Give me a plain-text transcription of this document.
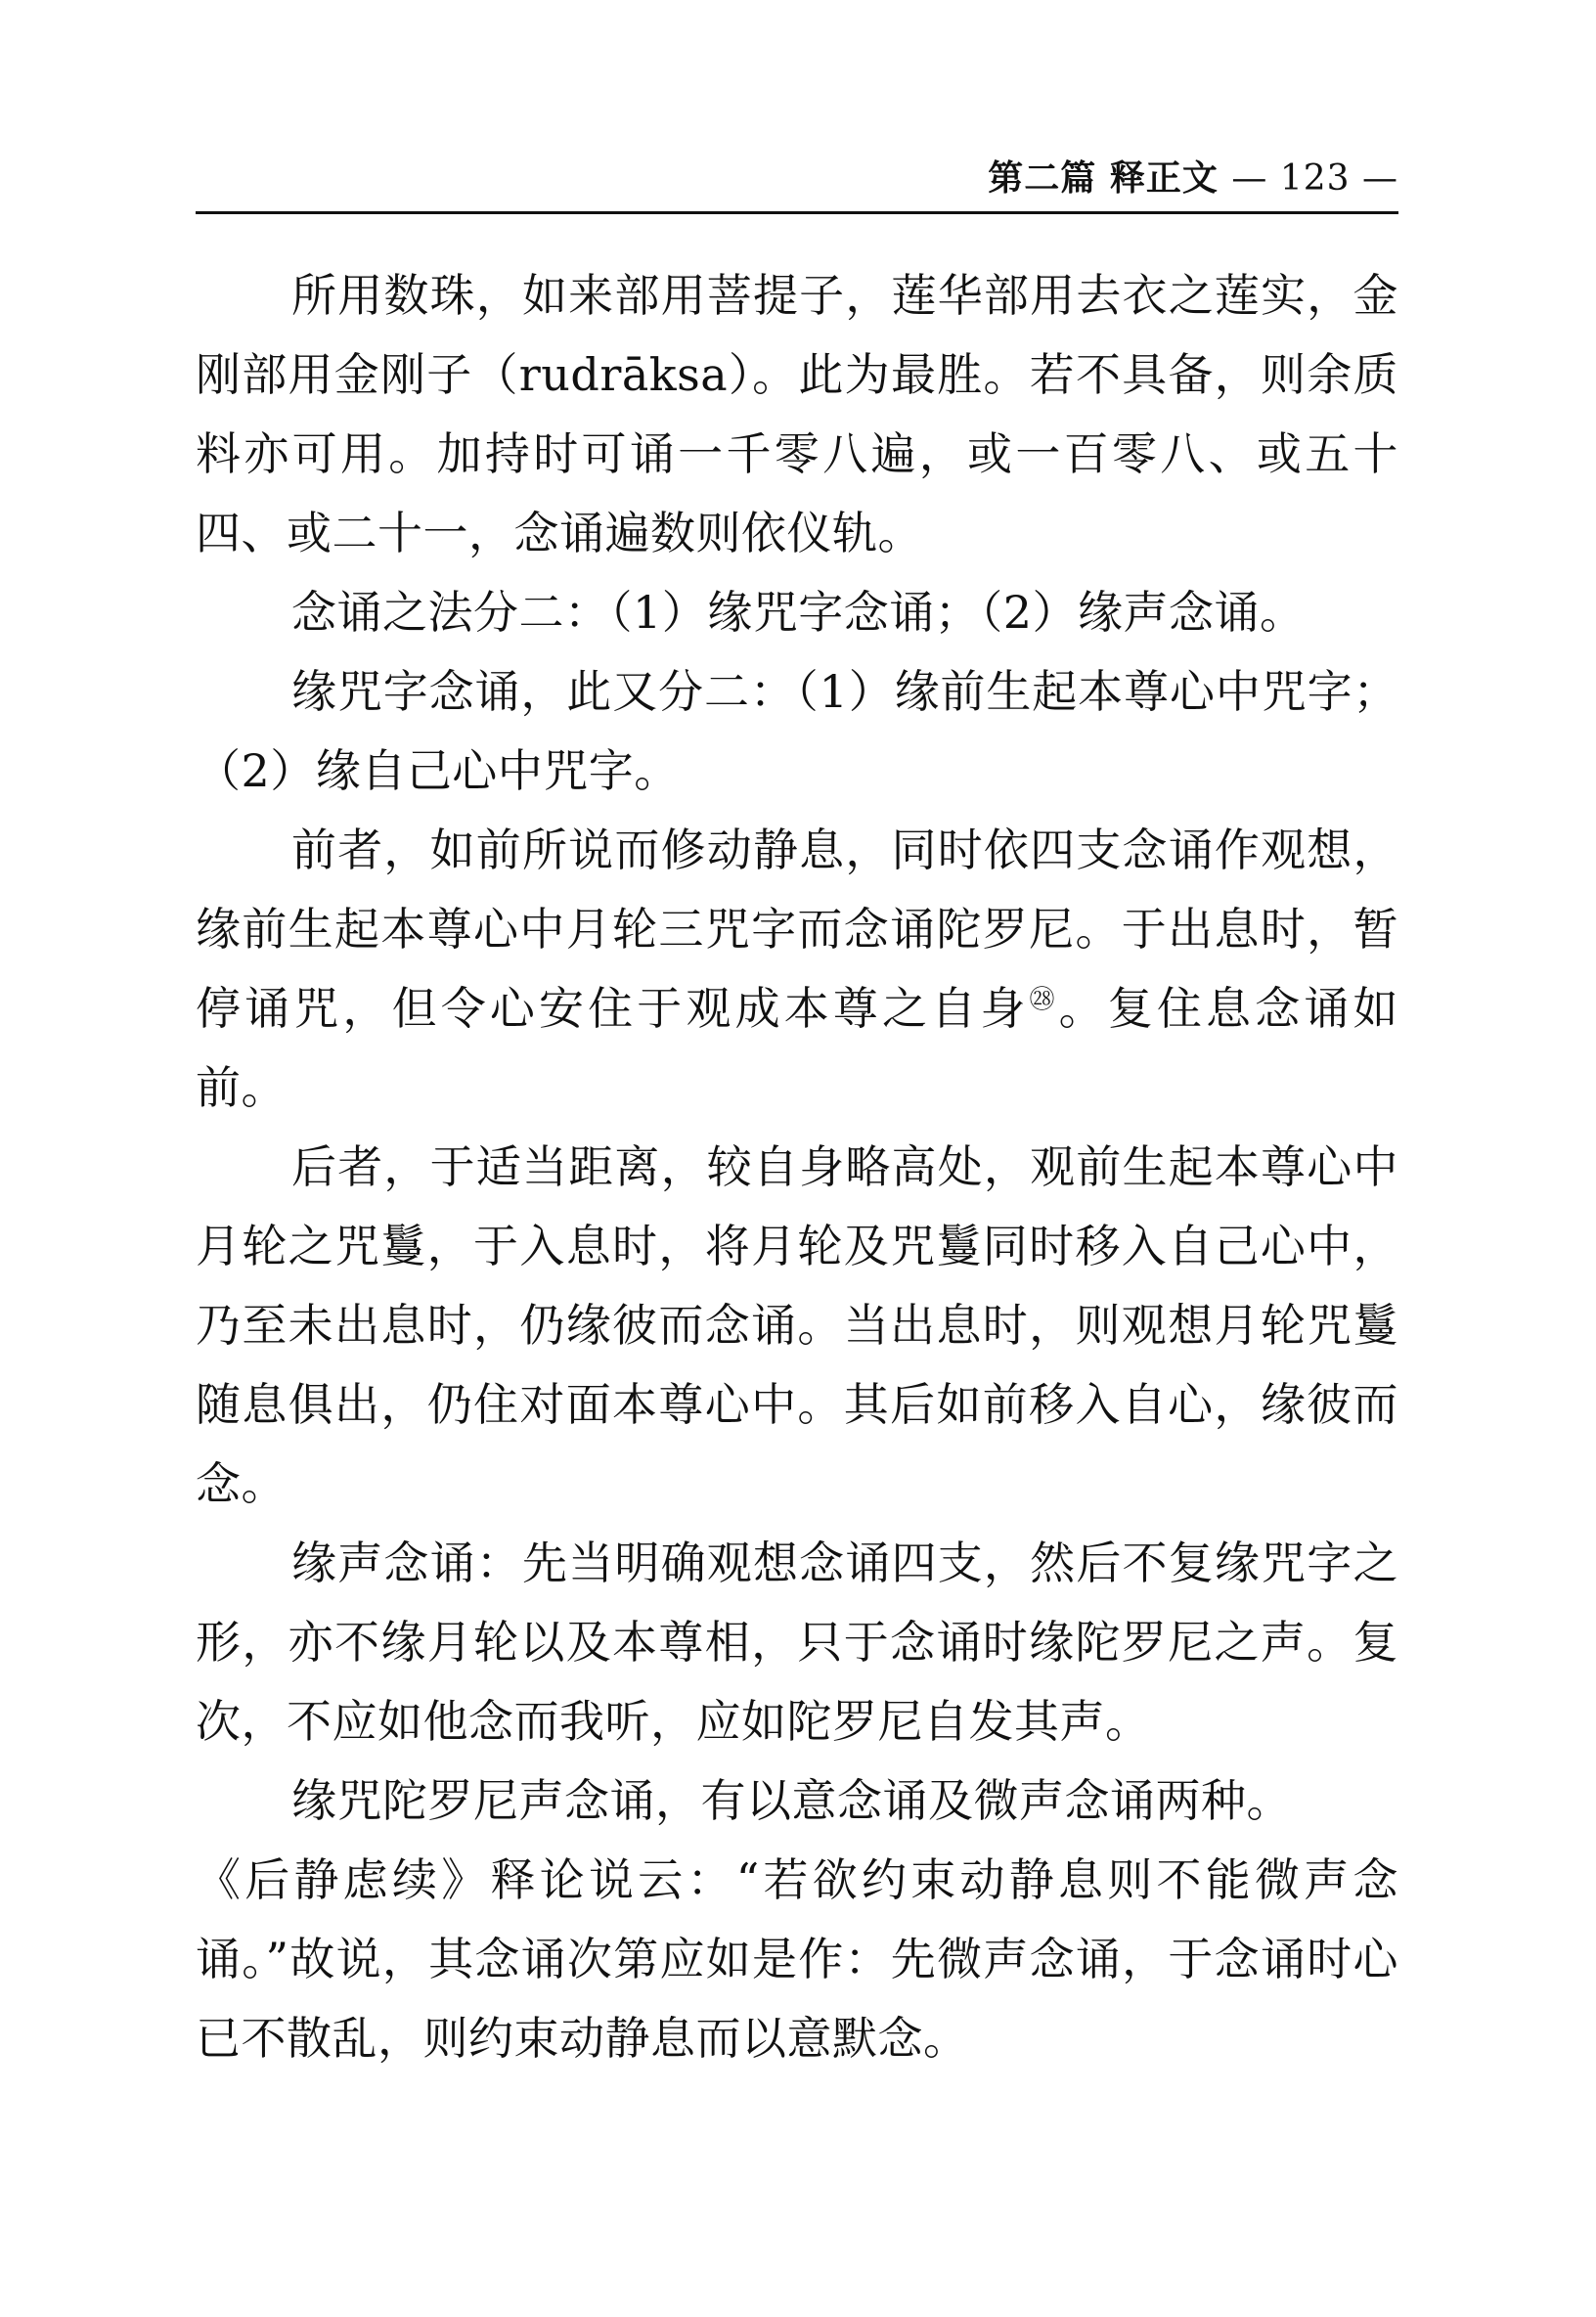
第二篇 释正文 — 123 —

所用数珠，如来部用菩提子，莲华部用去衣之莲实，金刚部用金刚子（rudrāksa）。此为最胜。若不具备，则余质料亦可用。加持时可诵一千零八遍，或一百零八、或五十四、或二十一，念诵遍数则依仪轨。

念诵之法分二：（1）缘咒字念诵；（2）缘声念诵。

缘咒字念诵，此又分二：（1）缘前生起本尊心中咒字；（2）缘自己心中咒字。

前者，如前所说而修动静息，同时依四支念诵作观想，缘前生起本尊心中月轮三咒字而念诵陀罗尼。于出息时，暂停诵咒，但令心安住于观成本尊之自身$^㉘$。复住息念诵如前。

后者，于适当距离，较自身略高处，观前生起本尊心中月轮之咒鬘，于入息时，将月轮及咒鬘同时移入自己心中，乃至未出息时，仍缘彼而念诵。当出息时，则观想月轮咒鬘随息俱出，仍住对面本尊心中。其后如前移入自心，缘彼而念。

缘声念诵：先当明确观想念诵四支，然后不复缘咒字之形，亦不缘月轮以及本尊相，只于念诵时缘陀罗尼之声。复次，不应如他念而我听，应如陀罗尼自发其声。

缘咒陀罗尼声念诵，有以意念诵及微声念诵两种。

《后静虑续》释论说云：“若欲约束动静息则不能微声念诵。”故说，其念诵次第应如是作：先微声念诵，于念诵时心已不散乱，则约束动静息而以意默念。
